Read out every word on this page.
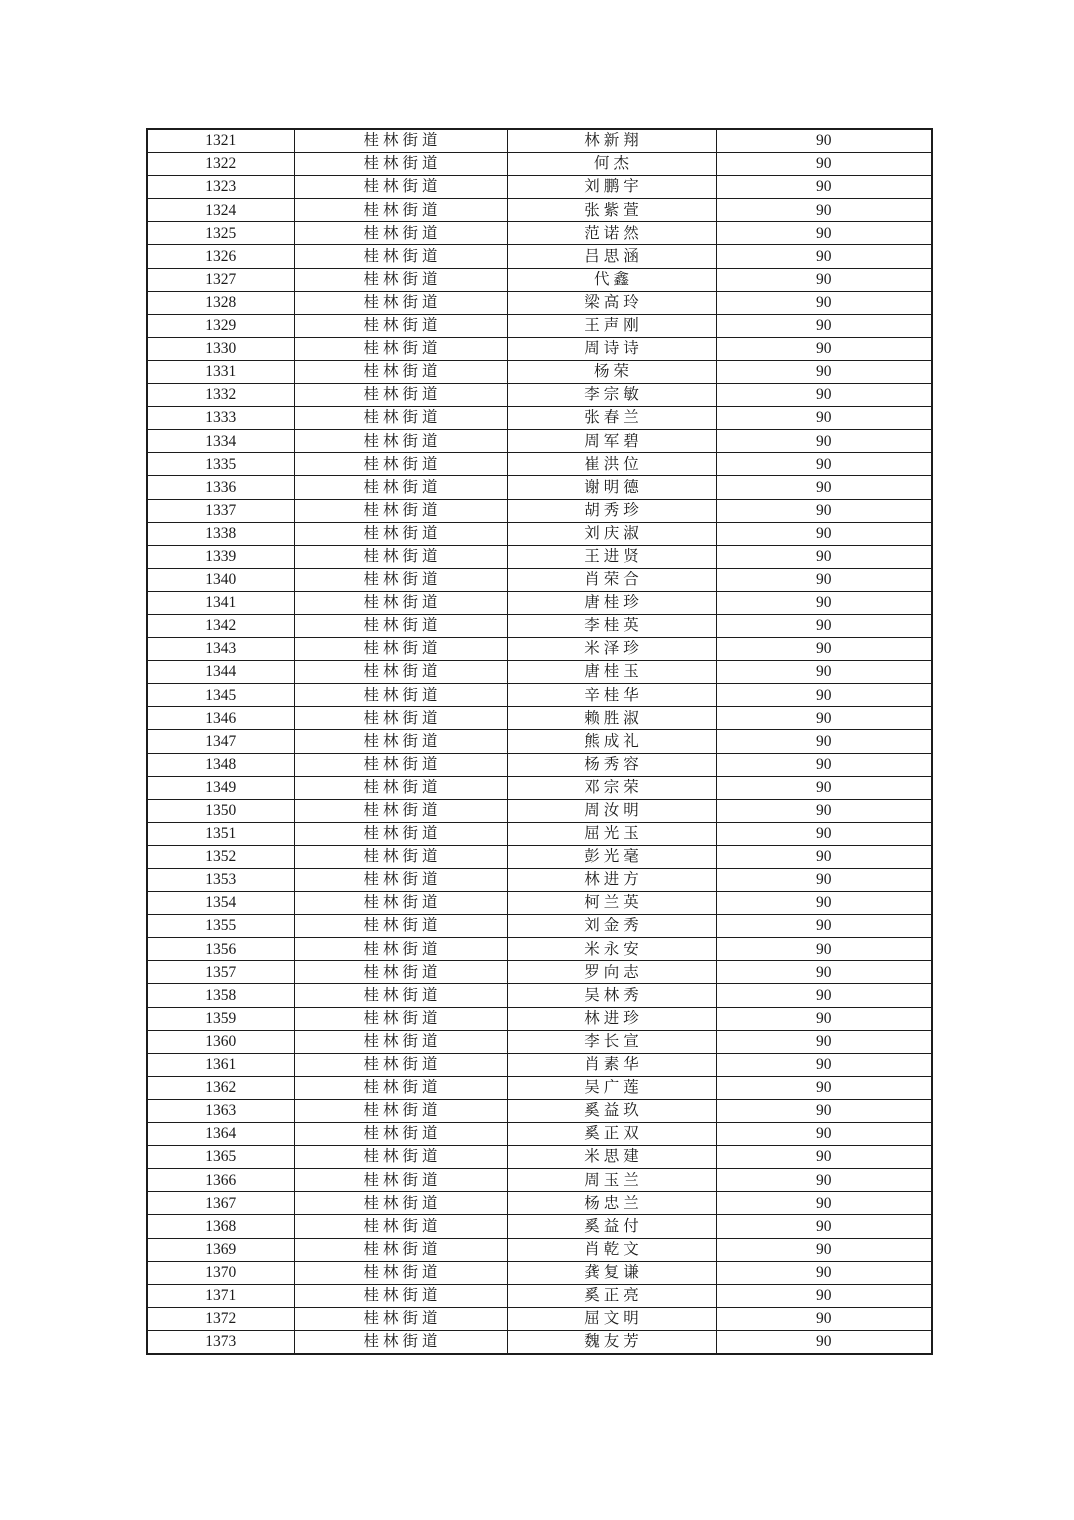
1321	桂林街道	林新翔	90
1322	桂林街道	何杰	90
1323	桂林街道	刘鹏宇	90
1324	桂林街道	张紫萱	90
1325	桂林街道	范诺然	90
1326	桂林街道	吕思涵	90
1327	桂林街道	代鑫	90
1328	桂林街道	梁高玲	90
1329	桂林街道	王声刚	90
1330	桂林街道	周诗诗	90
1331	桂林街道	杨荣	90
1332	桂林街道	李宗敏	90
1333	桂林街道	张春兰	90
1334	桂林街道	周军碧	90
1335	桂林街道	崔洪位	90
1336	桂林街道	谢明德	90
1337	桂林街道	胡秀珍	90
1338	桂林街道	刘庆淑	90
1339	桂林街道	王进贤	90
1340	桂林街道	肖荣合	90
1341	桂林街道	唐桂珍	90
1342	桂林街道	李桂英	90
1343	桂林街道	米泽珍	90
1344	桂林街道	唐桂玉	90
1345	桂林街道	辛桂华	90
1346	桂林街道	赖胜淑	90
1347	桂林街道	熊成礼	90
1348	桂林街道	杨秀容	90
1349	桂林街道	邓宗荣	90
1350	桂林街道	周汝明	90
1351	桂林街道	屈光玉	90
1352	桂林街道	彭光毫	90
1353	桂林街道	林进方	90
1354	桂林街道	柯兰英	90
1355	桂林街道	刘金秀	90
1356	桂林街道	米永安	90
1357	桂林街道	罗向志	90
1358	桂林街道	吴林秀	90
1359	桂林街道	林进珍	90
1360	桂林街道	李长宣	90
1361	桂林街道	肖素华	90
1362	桂林街道	吴广莲	90
1363	桂林街道	奚益玖	90
1364	桂林街道	奚正双	90
1365	桂林街道	米思建	90
1366	桂林街道	周玉兰	90
1367	桂林街道	杨忠兰	90
1368	桂林街道	奚益付	90
1369	桂林街道	肖乾文	90
1370	桂林街道	龚复谦	90
1371	桂林街道	奚正亮	90
1372	桂林街道	屈文明	90
1373	桂林街道	魏友芳	90
